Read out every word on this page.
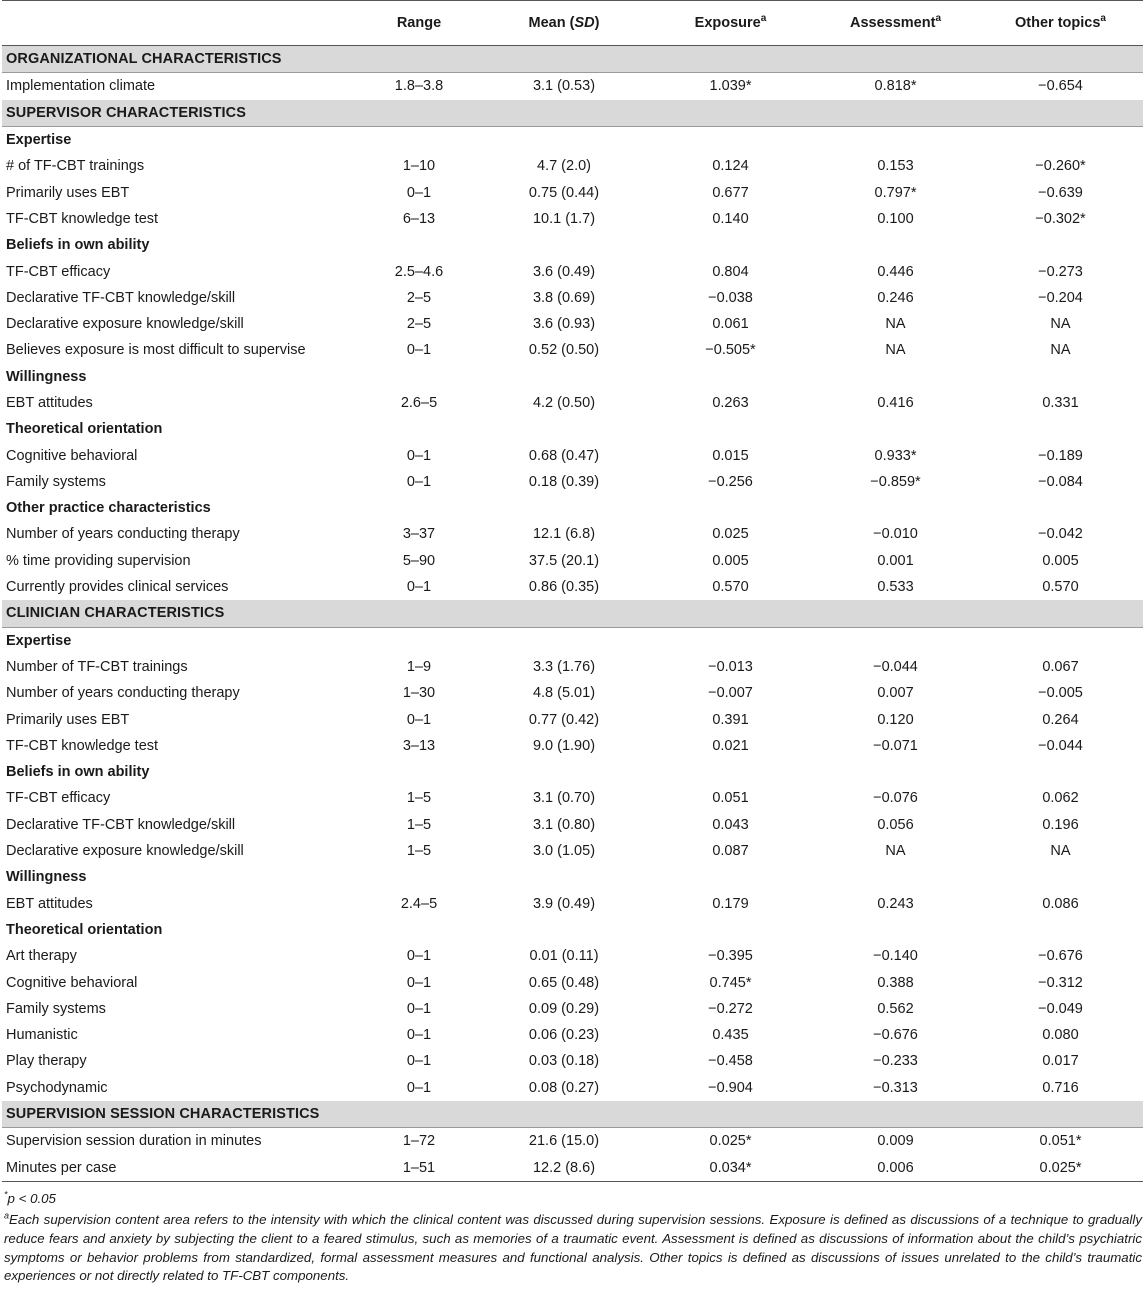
	Range	Mean (SD)	Exposure$^a$	Assessment$^a$	Other topics$^a$
ORGANIZATIONAL CHARACTERISTICS					
Implementation climate	1.8–3.8	3.1 (0.53)	1.039*	0.818*	−0.654
SUPERVISOR CHARACTERISTICS					
Expertise					
# of TF-CBT trainings	1–10	4.7 (2.0)	0.124	0.153	−0.260*
Primarily uses EBT	0–1	0.75 (0.44)	0.677	0.797*	−0.639
TF-CBT knowledge test	6–13	10.1 (1.7)	0.140	0.100	−0.302*
Beliefs in own ability					
TF-CBT efficacy	2.5–4.6	3.6 (0.49)	0.804	0.446	−0.273
Declarative TF-CBT knowledge/skill	2–5	3.8 (0.69)	−0.038	0.246	−0.204
Declarative exposure knowledge/skill	2–5	3.6 (0.93)	0.061	NA	NA
Believes exposure is most difficult to supervise	0–1	0.52 (0.50)	−0.505*	NA	NA
Willingness					
EBT attitudes	2.6–5	4.2 (0.50)	0.263	0.416	0.331
Theoretical orientation					
Cognitive behavioral	0–1	0.68 (0.47)	0.015	0.933*	−0.189
Family systems	0–1	0.18 (0.39)	−0.256	−0.859*	−0.084
Other practice characteristics					
Number of years conducting therapy	3–37	12.1 (6.8)	0.025	−0.010	−0.042
% time providing supervision	5–90	37.5 (20.1)	0.005	0.001	0.005
Currently provides clinical services	0–1	0.86 (0.35)	0.570	0.533	0.570
CLINICIAN CHARACTERISTICS					
Expertise					
Number of TF-CBT trainings	1–9	3.3 (1.76)	−0.013	−0.044	0.067
Number of years conducting therapy	1–30	4.8 (5.01)	−0.007	0.007	−0.005
Primarily uses EBT	0–1	0.77 (0.42)	0.391	0.120	0.264
TF-CBT knowledge test	3–13	9.0 (1.90)	0.021	−0.071	−0.044
Beliefs in own ability					
TF-CBT efficacy	1–5	3.1 (0.70)	0.051	−0.076	0.062
Declarative TF-CBT knowledge/skill	1–5	3.1 (0.80)	0.043	0.056	0.196
Declarative exposure knowledge/skill	1–5	3.0 (1.05)	0.087	NA	NA
Willingness					
EBT attitudes	2.4–5	3.9 (0.49)	0.179	0.243	0.086
Theoretical orientation					
Art therapy	0–1	0.01 (0.11)	−0.395	−0.140	−0.676
Cognitive behavioral	0–1	0.65 (0.48)	0.745*	0.388	−0.312
Family systems	0–1	0.09 (0.29)	−0.272	0.562	−0.049
Humanistic	0–1	0.06 (0.23)	0.435	−0.676	0.080
Play therapy	0–1	0.03 (0.18)	−0.458	−0.233	0.017
Psychodynamic	0–1	0.08 (0.27)	−0.904	−0.313	0.716
SUPERVISION SESSION CHARACTERISTICS					
Supervision session duration in minutes	1–72	21.6 (15.0)	0.025*	0.009	0.051*
Minutes per case	1–51	12.2 (8.6)	0.034*	0.006	0.025*

*p < 0.05

$^a$Each supervision content area refers to the intensity with which the clinical content was discussed during supervision sessions. Exposure is defined as discussions of a technique to gradually reduce fears and anxiety by subjecting the client to a feared stimulus, such as memories of a traumatic event. Assessment is defined as discussions of information about the child’s psychiatric symptoms or behavior problems from standardized, formal assessment measures and functional analysis. Other topics is defined as discussions of issues unrelated to the child’s traumatic experiences or not directly related to TF-CBT components.
